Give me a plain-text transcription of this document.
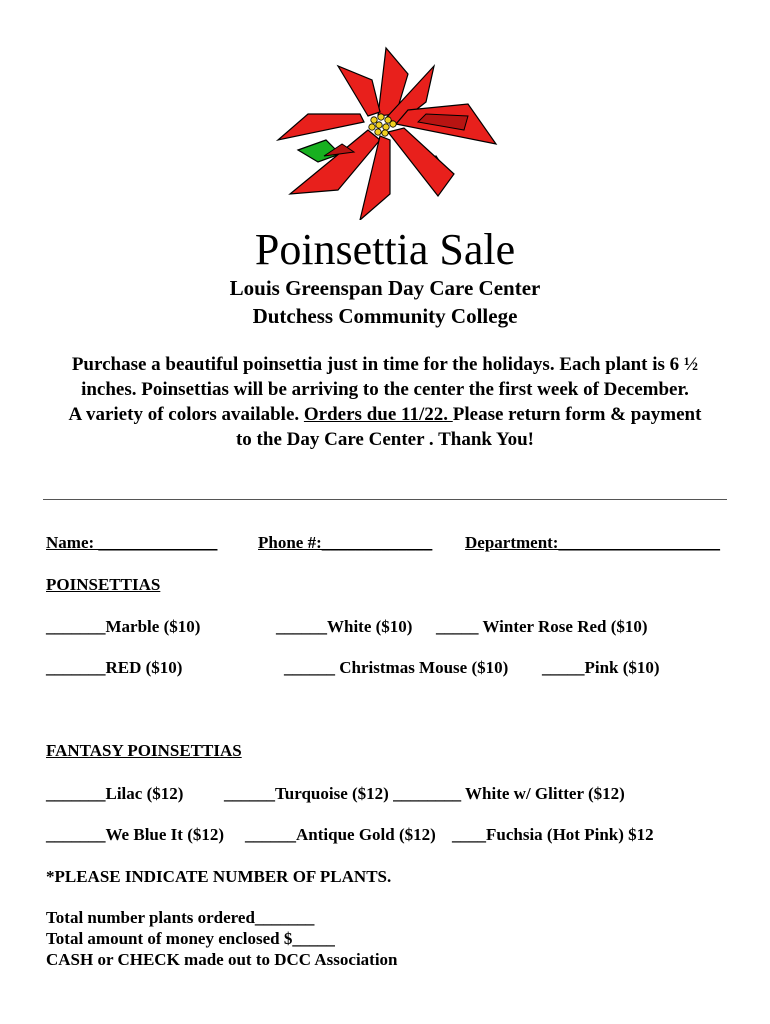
Poinsettia Sale
Louis Greenspan Day Care Center
Dutchess Community College
Purchase a beautiful poinsettia just in time for the holidays. Each plant is 6 ½
inches. Poinsettias will be arriving to the center the first week of December.
A variety of colors available. Orders due 11/22. Please return form & payment
to the Day Care Center . Thank You!
Name: ______________ Phone #:_____________ Department:___________________
POINSETTIAS
_______Marble ($10)	______White ($10) _____ Winter Rose Red ($10)
_______RED ($10)	______ Christmas Mouse ($10) _____Pink ($10)
FANTASY POINSETTIAS
_______Lilac ($12) ______Turquoise ($12) ________ White w/ Glitter ($12)
_______We Blue It ($12) ______Antique Gold ($12) ____Fuchsia (Hot Pink) $12
*PLEASE INDICATE NUMBER OF PLANTS.
Total number plants ordered_______
Total amount of money enclosed $_____
CASH or CHECK made out to DCC Association
